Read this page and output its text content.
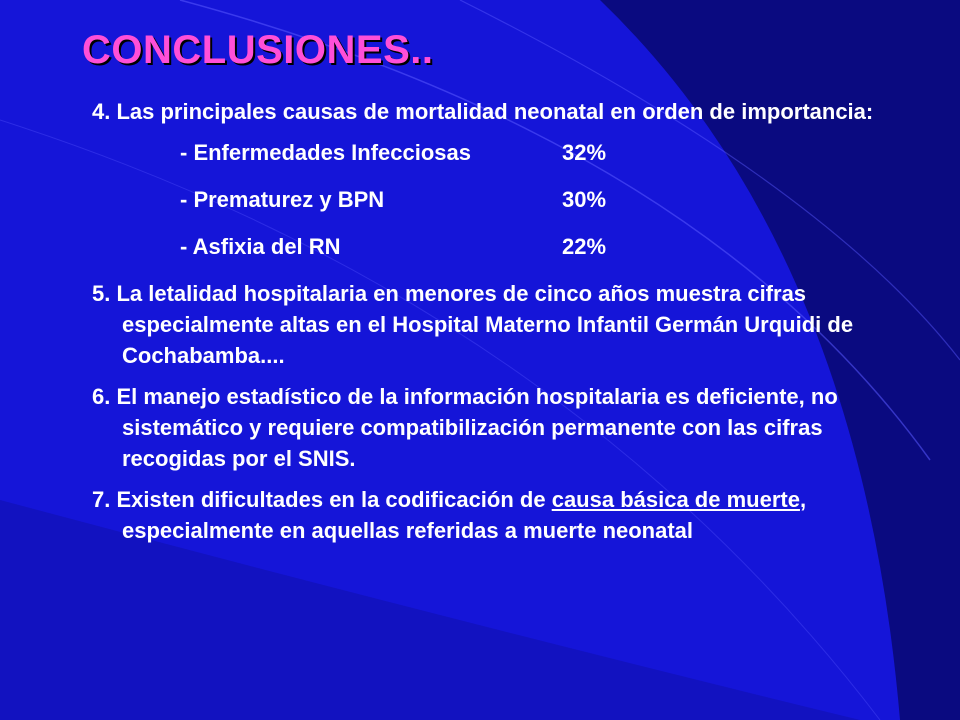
CONCLUSIONES..

4. Las principales causas de mortalidad neonatal en orden de importancia:

- Enfermedades Infecciosas	32%
- Prematurez y BPN	30%
- Asfixia del RN	22%

5. La letalidad hospitalaria en menores de cinco años muestra cifras especialmente altas en el Hospital Materno Infantil Germán Urquidi de Cochabamba....

6. El manejo estadístico de la información hospitalaria es deficiente, no sistemático y requiere compatibilización permanente con las cifras recogidas por el SNIS.

7. Existen dificultades en la codificación de causa básica de muerte, especialmente en aquellas referidas a muerte neonatal
